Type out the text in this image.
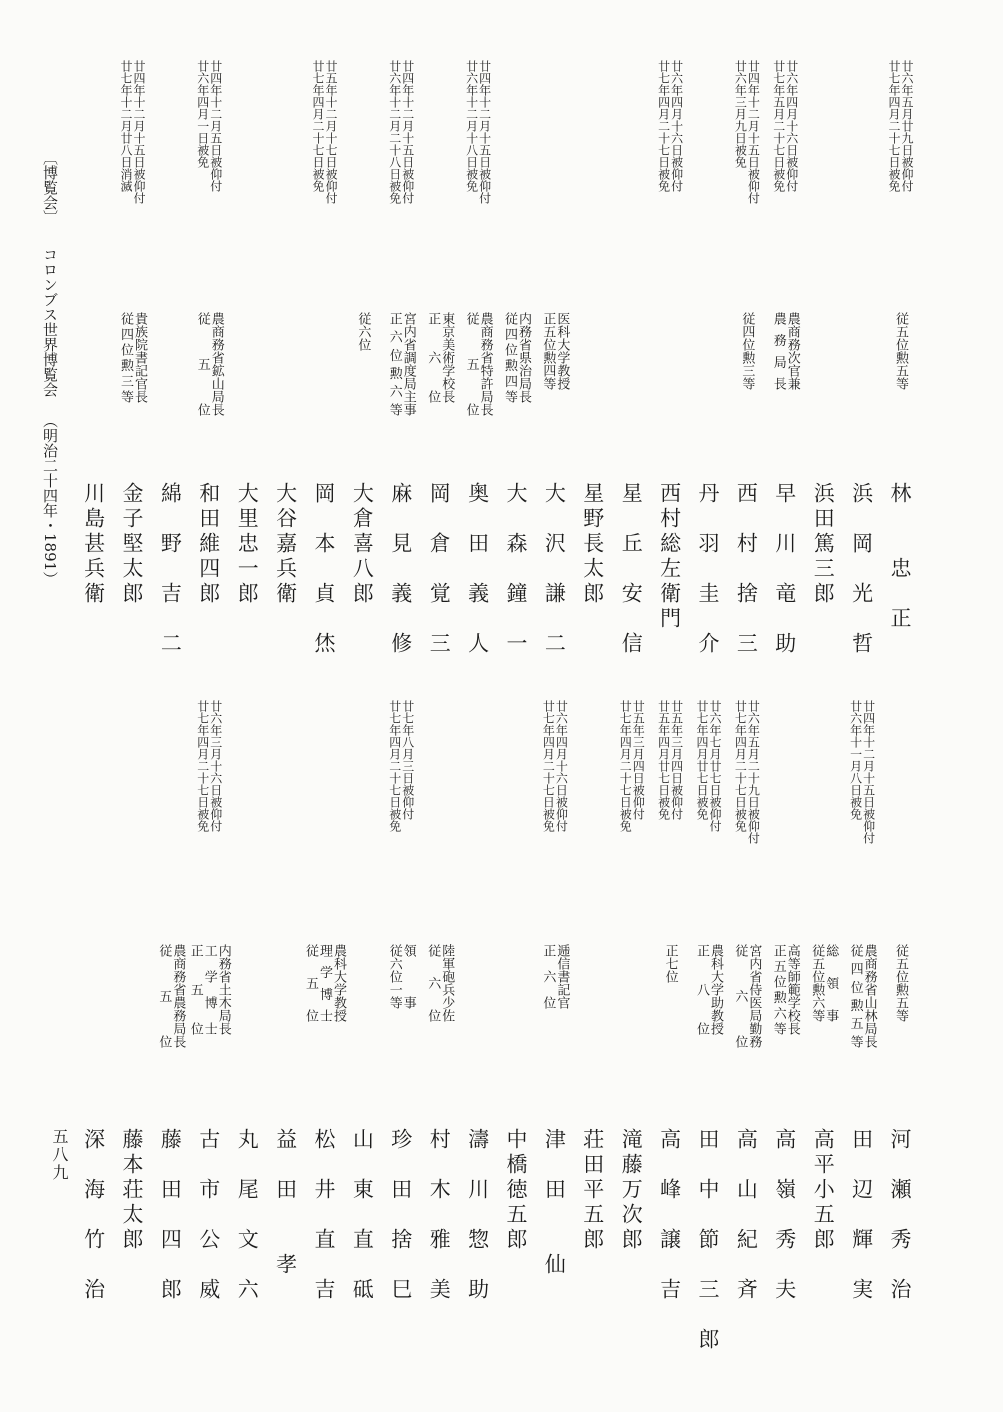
〔博覧会〕コロンブス世界博覧会（明治二十四年・1891）
五八九
林　　忠　正
従五位勲五等
廿六年五月廿九日被仰付
廿七年四月二十七日被免
浜　岡　光　哲
浜田篤三郎
早　川　竜　助
農商務次官兼
農務局長
廿六年四月十六日被仰付
廿七年五月二十七日被免
西　村　捨　三
従四位勲三等
廿四年十二月十五日被仰付
廿六年三月九日被免
丹　羽　圭　介
西村総左衛門
廿六年四月十六日被仰付
廿七年四月二十七日被免
星　丘　安　信
星野長太郎
大　沢　謙　二
医科大学教授
正五位勲四等
大　森　鐘　一
内務省県治局長
従四位勲四等
奥　田　義　人
農商務省特許局長
従五位
廿四年十二月十五日被仰付
廿六年十二月十八日被免
岡　倉　覚　三
東京美術学校長
正六位
麻　見　義　修
宮内省調度局主事
正六位勲六等
廿四年十二月十五日被仰付
廿六年十二月二十八日被免
大倉喜八郎
従六位
岡　本　貞　烋
廿五年十二月十七日被仰付
廿七年四月二十七日被免
大谷嘉兵衛
大里忠一郎
和田維四郎
農商務省鉱山局長
従五位
廿四年十二月五日被仰付
廿六年四月一日被免
綿　野　吉　二
金子堅太郎
貴族院書記官長
従四位勲三等
廿四年十二月十五日被仰付
廿七年十二月廿八日消滅
川島甚兵衛
河　瀬　秀　治
従五位勲五等
田　辺　輝　実
農商務省山林局長
従四位勲五等
廿四年十二月十五日被仰付
廿六年十一月八日被免
高平小五郎
総領事
従五位勲六等
高　嶺　秀　夫
高等師範学校長
正五位勲六等
高　山　紀　斉
宮内省侍医局勤務
従六位
廿六年五月二十九日被仰付
廿七年四月二十七日被免
田　中　節　三　郎
農科大学助教授
正八位
廿六年七月廿七日被仰付
廿七年四月廿七日被免
高　峰　譲　吉
正七位
廿五年三月四日被仰付
廿五年四月廿七日被免
滝藤万次郎
廿五年三月四日被仰付
廿七年四月二十七日被免
荘田平五郎
津　田　　仙
逓信書記官
正六位
廿六年四月十六日被仰付
廿七年四月二十七日被免
中橋徳五郎
濤　川　惣　助
村　木　雅　美
陸軍砲兵少佐
従六位
珍　田　捨　巳
領事
従六位一等
廿七年八月三日被仰付
廿七年四月二十七日被免
山　東　直　砥
松　井　直　吉
農科大学教授
理学博士
従五位
益　田　　孝
丸　尾　文　六
古　市　公　威
内務省土木局長
工学博士
正五位
廿六年三月十六日被仰付
廿七年四月二十七日被免
藤　田　四　郎
農商務省農務局長
従五位
藤本荘太郎
深　海　竹　治
